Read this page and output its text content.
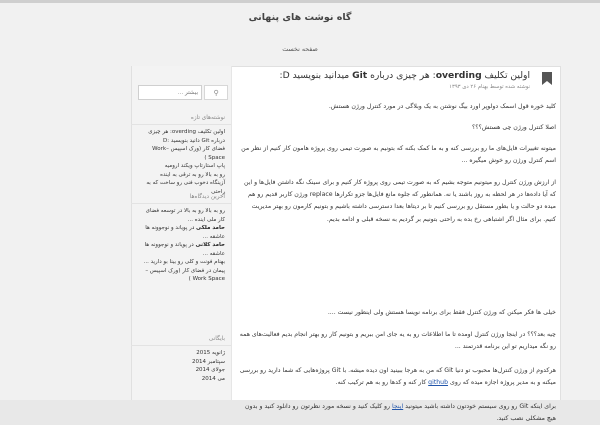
گاه نوشت های پنهانی
صفحه نخست
بیشتر ...
⚲
نوشته‌های تازه
اولین تکلیف overding: هر چیزی درباره Git دانید بنویسید :D
فضای کار (ورک اسپیس –Work Space )
پاپ استارتاپ ویکند ارومیه
رو به بالا رو به ترقی به اینده
آزینگاه دخوب فنی رو ساخت که به راحتی
آخرین دیدگاه‌ها
رو به بالا رو به بالا در توسعه فضای کار ملی اینده ...
حامد ملکی در پویاند و نوجوونه ها عاشقه ...
حامد کلانی در پویاند و نوجوونه ها عاشقه ...
بهنام فونت و کلی رو بینا بو دارید ...
پیمان در فضای کار (ورک اسپیس –Work Space )
بایگانی
ژانویه 2015
سپتامبر 2014
جولای 2014
می 2014
اولین تکلیف overding: هر چیزی درباره Git میدانید بنویسید D:
نوشته شده توسط بهنام ۲۶ دی ۱۳۹۳

کلید خوره قول اسمک دولوپر اورد بیگ نوشتن به یک وبلاگی در مورد کنترل ورژن هستش.

اصلا کنترل ورژن چی هستش؟؟؟

میتونه تغییرات فایل‌های ما رو بررسی کنه و به ما کمک بکنه که بتونیم به صورت تیمی روی پروژه هامون کار کنیم از نظر من اسم کنترل ورژن رو خوش میگیره ...

از ارزش ورژن کنترل رو میتونیم متوجه بشیم که به صورت تیمی روی پروژه کار کنیم و برای سینک نگه داشتن فایل‌ها و این که آیا داده‌ها در هر لحظه به روز باشند یا نه. همانطور که جلوه مانع فایل‌ها جزو تکرار‌ها replace ورژن کاربر قدیم رو هم میده دو حالت و یا بطور مستقل رو بررسی کنیم تا بر دیتا‌ها بعدا دسترسی داشته باشیم و بتونیم کارمون رو بهتر مدیریت کنیم. برای مثال اگر اشتباهی رخ بده به راحتی بتونیم بر گردیم به نسخه قبلی و ادامه بدیم.

خیلی ها فکر میکنن که ورژن کنترل فقط برای برنامه نویسا هستش ولی اینطور نیست ....

چیه بعد؟؟؟ در اینجا ورژن کنترل اومده تا ما اطلاعات رو به یه جای امن ببریم و بتونیم کار رو بهتر انجام بدیم فعالیت‌های همه رو نگه میداریم تو این برنامه قدرتمند ...

هرکدوم از ورژن کنترل‌ها محبوب تو دنیا Git که من به هرجا ببینید اون دیده میشه. با Git پروژه‌هایی که شما دارید رو بررسی میکنه و به مدیر پروژه اجازه میده که روی github کار کنه و کد‌ها رو به هم ترکیب کنه.

برای اینکه Git رو روی سیستم خودتون داشته باشید میتونید اینجا رو کلیک کنید و نسخه مورد نظرتون رو دانلود کنید و بدون هیچ مشکلی نصب کنید.
